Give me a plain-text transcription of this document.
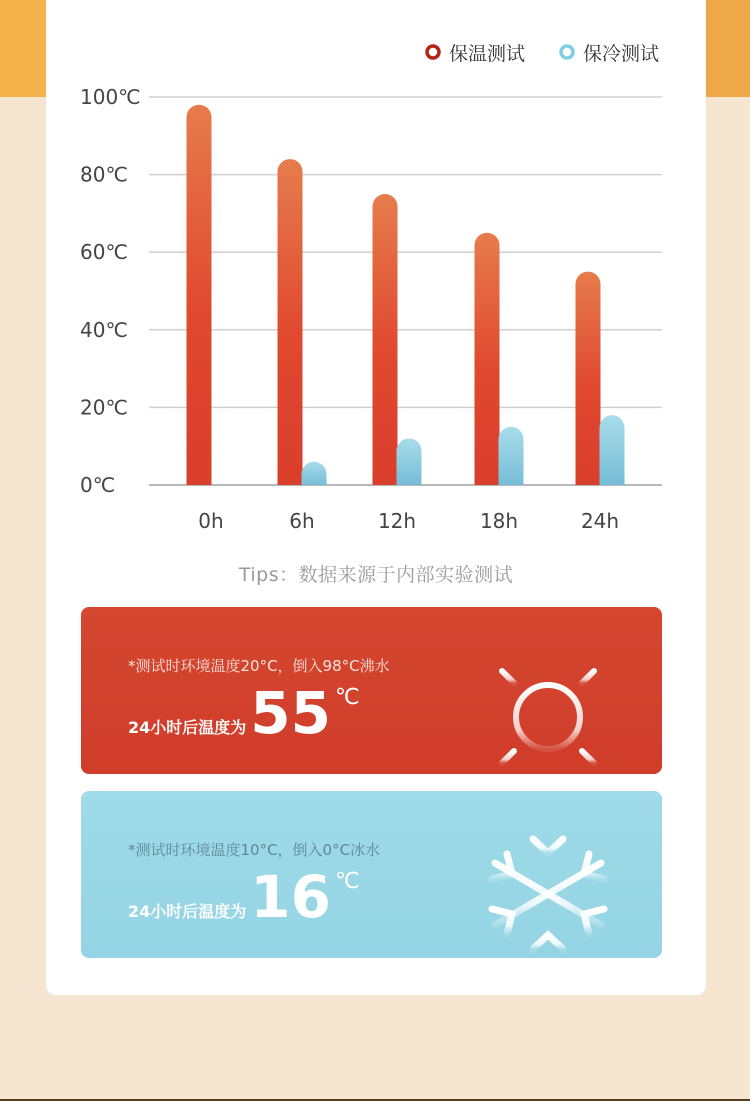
保温测试	保冷测试
0℃
20℃
40℃
60℃
80℃
100℃
0h	6h	12h	18h	24h
Tips：数据来源于内部实验测试
*测试时环境温度20°C，倒入98°C沸水
24小时后温度为55 ℃
*测试时环境温度10°C，倒入0°C冰水
24小时后温度为16 ℃
